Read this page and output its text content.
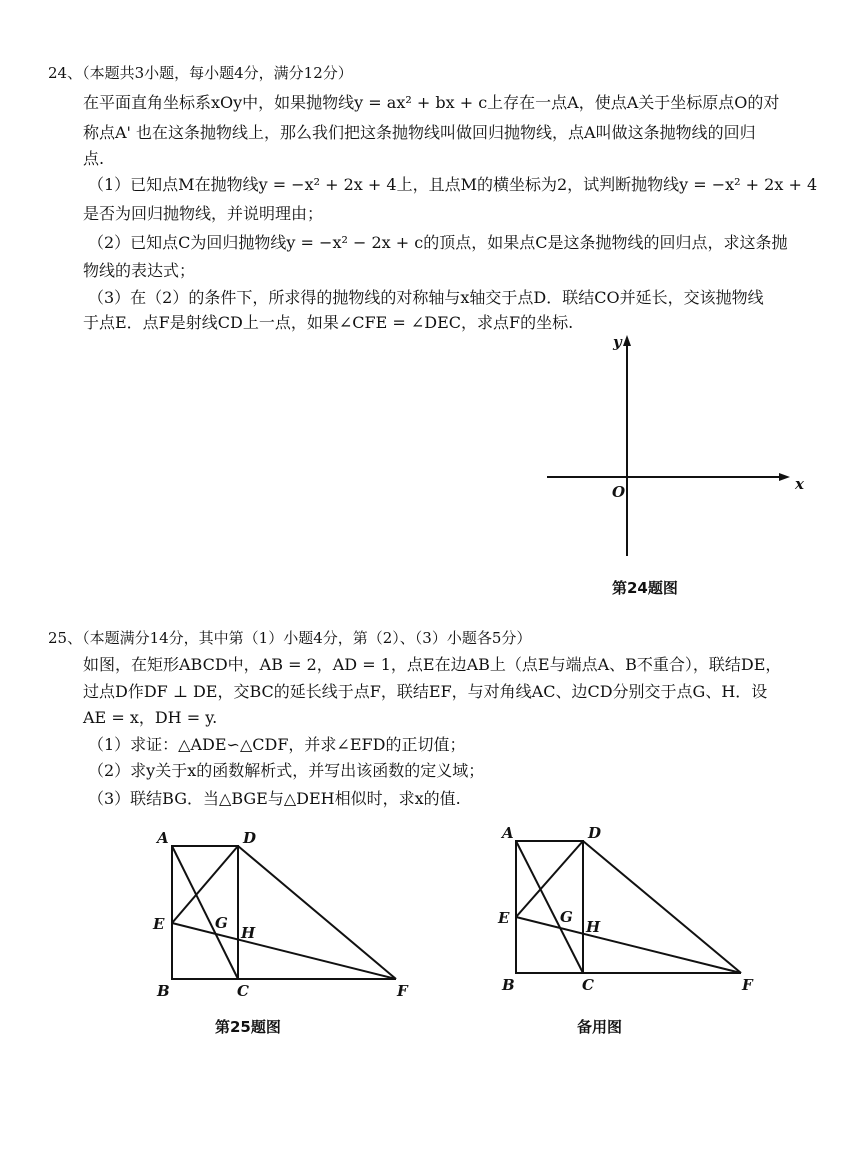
24、（本题共3小题，每小题4分，满分12分）
在平面直角坐标系xOy中，如果抛物线y = ax² + bx + c上存在一点A，使点A关于坐标原点O的对
称点A' 也在这条抛物线上，那么我们把这条抛物线叫做回归抛物线，点A叫做这条抛物线的回归
点.
（1）已知点M在抛物线y = −x² + 2x + 4上，且点M的横坐标为2，试判断抛物线y = −x² + 2x + 4
是否为回归抛物线，并说明理由；
（2）已知点C为回归抛物线y = −x² − 2x + c的顶点，如果点C是这条抛物线的回归点，求这条抛
物线的表达式；
（3）在（2）的条件下，所求得的抛物线的对称轴与x轴交于点D．联结CO并延长，交该抛物线
于点E．点F是射线CD上一点，如果∠CFE = ∠DEC，求点F的坐标.
y
x
O
A	D
E	G
H
B	C	F
A	D
E	G
H
B	C	F
第24题图
25、（本题满分14分，其中第（1）小题4分，第（2）、（3）小题各5分）
如图，在矩形ABCD中，AB = 2，AD = 1，点E在边AB上（点E与端点A、B不重合），联结DE，
过点D作DF ⊥ DE，交BC的延长线于点F，联结EF，与对角线AC、边CD分别交于点G、H．设
AE = x，DH = y.
（1）求证：△ADE∽△CDF，并求∠EFD的正切值；
（2）求y关于x的函数解析式，并写出该函数的定义域；
（3）联结BG．当△BGE与△DEH相似时，求x的值.
第25题图	备用图
